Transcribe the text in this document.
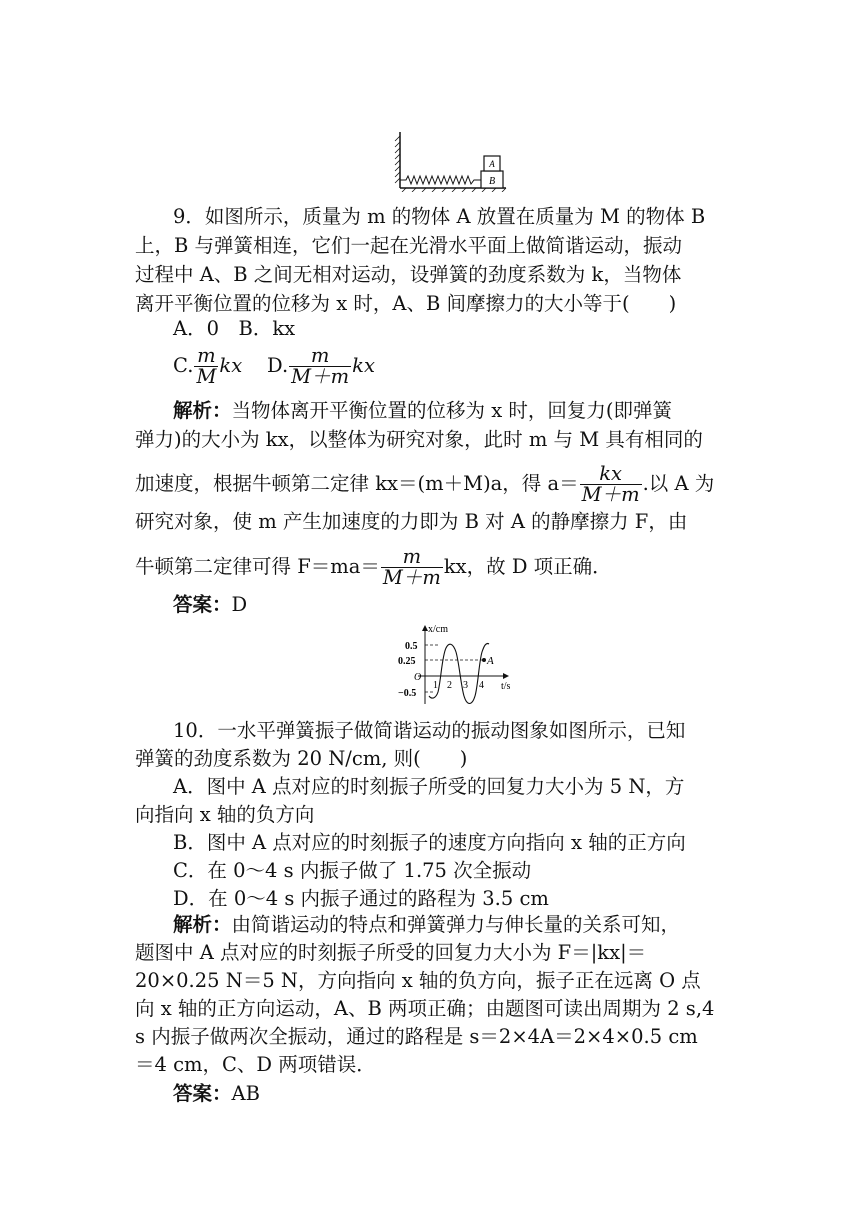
B
A
9．如图所示，质量为 m 的物体 A 放置在质量为 M 的物体 B
上，B 与弹簧相连，它们一起在光滑水平面上做简谐运动，振动
过程中 A、B 之间无相对运动，设弹簧的劲度系数为 k，当物体
离开平衡位置的位移为 x 时，A、B 间摩擦力的大小等于(　　)
A．0　B．kx
C. $\frac{m}{M}$ kx D. $\frac{m}{M+m}$ kx
解析：当物体离开平衡位置的位移为 x 时，回复力(即弹簧
弹力)的大小为 kx，以整体为研究对象，此时 m 与 M 具有相同的
加速度，根据牛顿第二定律 kx＝(m＋M)a，得 $a= \frac{kx}{M+m}$ .以 A 为
研究对象，使 m 产生加速度的力即为 B 对 A 的静摩擦力 F，由
牛顿第二定律可得 $F=ma= \frac{m}{M+m}$ kx，故 D 项正确．
答案：D
A
x/cm
t/s
O
0.5
0.25
−0.5
1 2 3 4
10．一水平弹簧振子做简谐运动的振动图象如图所示，已知
弹簧的劲度系数为 20 N/cm, 则(　　)
A．图中 A 点对应的时刻振子所受的回复力大小为 5 N，方
向指向 x 轴的负方向
B．图中 A 点对应的时刻振子的速度方向指向 x 轴的正方向
C．在 0～4 s 内振子做了 1.75 次全振动
D．在 0～4 s 内振子通过的路程为 3.5 cm
解析：由简谐运动的特点和弹簧弹力与伸长量的关系可知，
题图中 A 点对应的时刻振子所受的回复力大小为 F＝|kx|＝
20×0.25 N＝5 N，方向指向 x 轴的负方向，振子正在远离 O 点
向 x 轴的正方向运动，A、B 两项正确；由题图可读出周期为 2 s,4
s 内振子做两次全振动，通过的路程是 s＝2×4A＝2×4×0.5 cm
＝4 cm，C、D 两项错误．
答案：AB
